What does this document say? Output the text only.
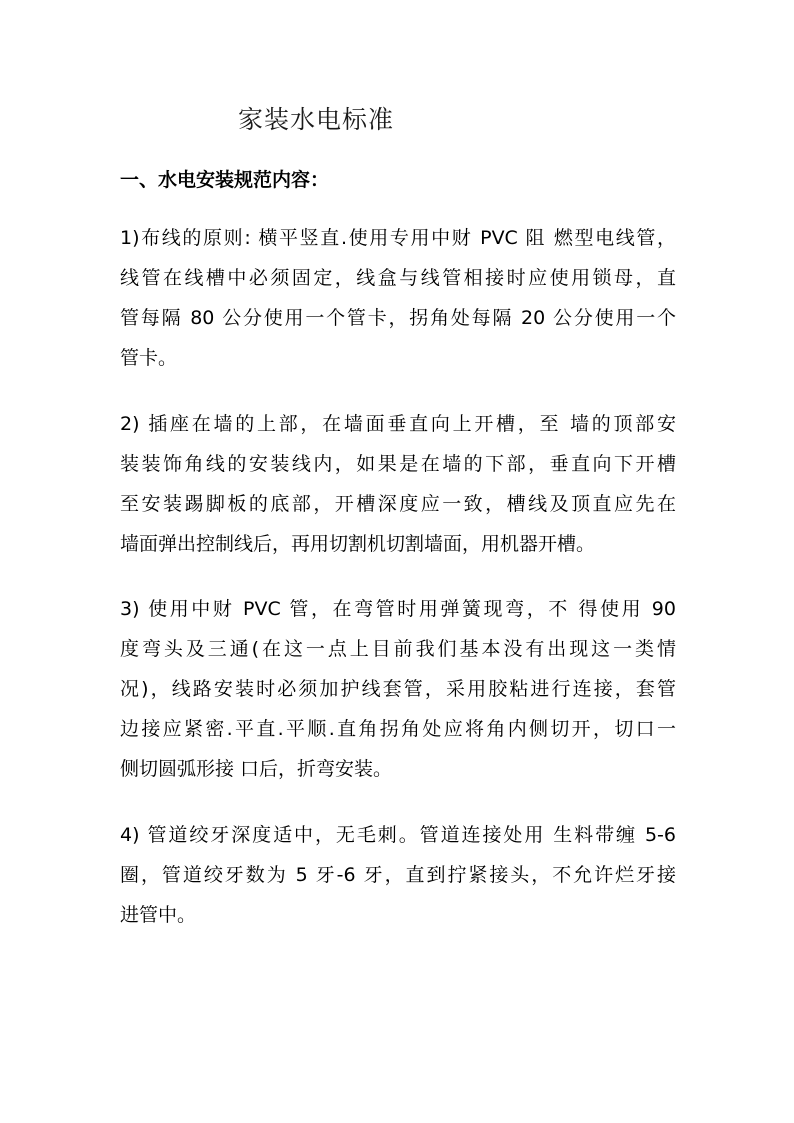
家装水电标准
一、水电安装规范内容：
1)布线的原则: 横平竖直.使用专用中财 PVC 阻 燃型电线管，
线管在线槽中必须固定，线盒与线管相接时应使用锁母，直
管每隔 80 公分使用一个管卡，拐角处每隔 20 公分使用一个
管卡。
2) 插座在墙的上部，在墙面垂直向上开槽，至 墙的顶部安
装装饰角线的安装线内，如果是在墙的下部，垂直向下开槽
至安装踢脚板的底部，开槽深度应一致，槽线及顶直应先在
墙面弹出控制线后，再用切割机切割墙面，用机器开槽。
3) 使用中财 PVC 管，在弯管时用弹簧现弯，不 得使用 90
度弯头及三通(在这一点上目前我们基本没有出现这一类情
况)，线路安装时必须加护线套管，采用胶粘进行连接，套管
边接应紧密.平直.平顺.直角拐角处应将角内侧切开，切口一
侧切圆弧形接 口后，折弯安装。
4) 管道绞牙深度适中，无毛刺。管道连接处用 生料带缠 5-6
圈，管道绞牙数为 5 牙-6 牙，直到拧紧接头，不允许烂牙接
进管中。
